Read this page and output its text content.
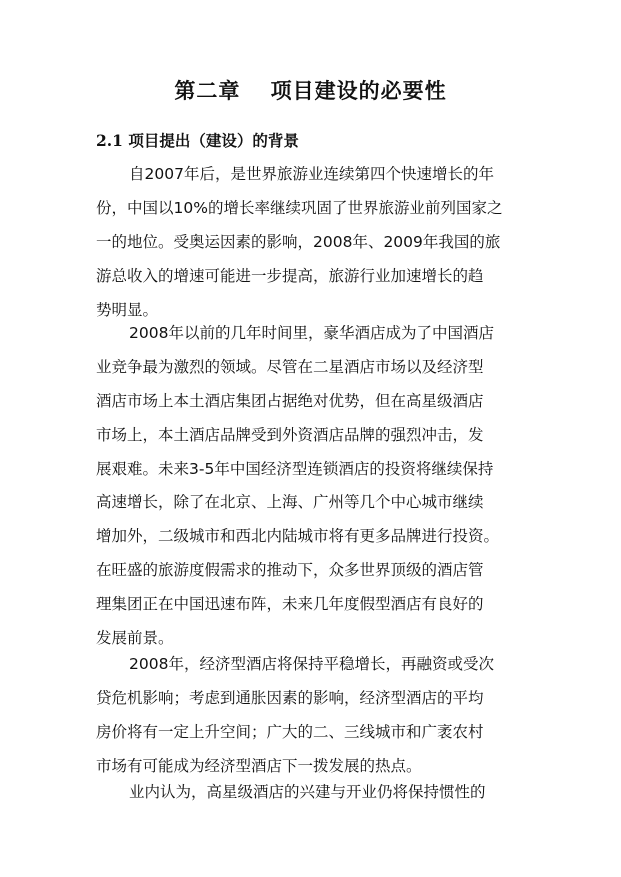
第二章　 项目建设的必要性
2.1 项目提出（建设）的背景
自2007年后，是世界旅游业连续第四个快速增长的年
份，中国以10%的增长率继续巩固了世界旅游业前列国家之
一的地位。受奥运因素的影响，2008年、2009年我国的旅
游总收入的增速可能进一步提高，旅游行业加速增长的趋
势明显。
2008年以前的几年时间里，豪华酒店成为了中国酒店
业竞争最为激烈的领域。尽管在二星酒店市场以及经济型
酒店市场上本土酒店集团占据绝对优势，但在高星级酒店
市场上，本土酒店品牌受到外资酒店品牌的强烈冲击，发
展艰难。未来3-5年中国经济型连锁酒店的投资将继续保持
高速增长，除了在北京、上海、广州等几个中心城市继续
增加外，二级城市和西北内陆城市将有更多品牌进行投资。
在旺盛的旅游度假需求的推动下，众多世界顶级的酒店管
理集团正在中国迅速布阵，未来几年度假型酒店有良好的
发展前景。
2008年，经济型酒店将保持平稳增长，再融资或受次
贷危机影响；考虑到通胀因素的影响，经济型酒店的平均
房价将有一定上升空间；广大的二、三线城市和广袤农村
市场有可能成为经济型酒店下一拨发展的热点。
业内认为，高星级酒店的兴建与开业仍将保持惯性的
